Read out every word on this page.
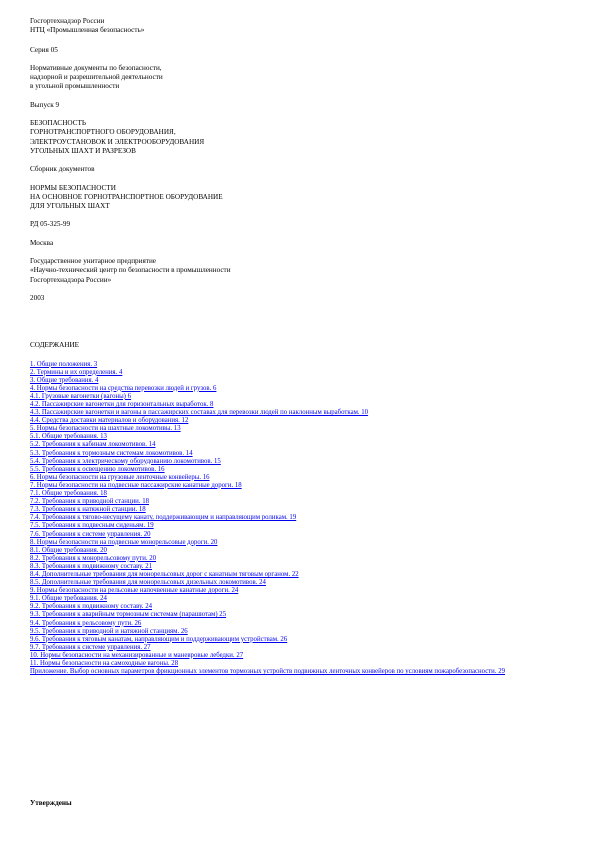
Госгортехнадзор России
НТЦ «Промышленная безопасность»
Серия 05
Нормативные документы по безопасности,
надзорной и разрешительной деятельности
в угольной промышленности
Выпуск 9
БЕЗОПАСНОСТЬ
ГОРНОТРАНСПОРТНОГО ОБОРУДОВАНИЯ,
ЭЛЕКТРОУСТАНОВОК И ЭЛЕКТРООБОРУДОВАНИЯ
УГОЛЬНЫХ ШАХТ И РАЗРЕЗОВ
Сборник документов
НОРМЫ БЕЗОПАСНОСТИ
НА ОСНОВНОЕ ГОРНОТРАНСПОРТНОЕ ОБОРУДОВАНИЕ
ДЛЯ УГОЛЬНЫХ ШАХТ
РД 05-325-99
Москва
Государственное унитарное предприятие
«Научно-технический центр по безопасности в промышленности
Госгортехнадзора России»
2003
СОДЕРЖАНИЕ
1. Общие положения. 3
2. Термины и их определения. 4
3. Общие требования. 4
4. Нормы безопасности на средства перевозки людей и грузов. 6
4.1. Грузовые вагонетки (вагоны) 6
4.2. Пассажирские вагонетки для горизонтальных выработок. 8
4.3. Пассажирские вагонетки и вагоны в пассажирских составах для перевозки людей по наклонным выработкам. 10
4.4. Средства доставки материалов и оборудования. 12
5. Нормы безопасности на шахтные локомотивы. 13
5.1. Общие требования. 13
5.2. Требования к кабинам локомотивов. 14
5.3. Требования к тормозным системам локомотивов. 14
5.4. Требования к электрическому оборудованию локомотивов. 15
5.5. Требования к освещению локомотивов. 16
6. Нормы безопасности на грузовые ленточные конвейеры. 16
7. Нормы безопасности на подвесные пассажирские канатные дороги. 18
7.1. Общие требования. 18
7.2. Требования к приводной станции. 18
7.3. Требования к натяжной станции. 18
7.4. Требования к тягово-несущему канату, поддерживающим и направляющим роликам. 19
7.5. Требования к подвесным сиденьям. 19
7.6. Требования к системе управления. 20
8. Нормы безопасности на подвесные монорельсовые дороги. 20
8.1. Общие требования. 20
8.2. Требования к монорельсовому пути. 20
8.3. Требования к подвижному составу. 21
8.4. Дополнительные требования для монорельсовых дорог с канатным тяговым органом. 22
8.5. Дополнительные требования для монорельсовых дизельных локомотивов. 24
9. Нормы безопасности на рельсовые напочвенные канатные дороги. 24
9.1. Общие требования. 24
9.2. Требования к подвижному составу. 24
9.3. Требования к аварийным тормозным системам (парашютам) 25
9.4. Требования к рельсовому пути. 26
9.5. Требования к приводной и натяжной станциям. 26
9.6. Требования к тяговым канатам, направляющим и поддерживающим устройствам. 26
9.7. Требования к системе управления. 27
10. Нормы безопасности на механизированные и маневровые лебедки. 27
11. Нормы безопасности на самоходные вагоны. 28
Приложение. Выбор основных параметров фрикционных элементов тормозных устройств подвижных ленточных конвейеров по условиям пожаробезопасности. 29
Утверждены
